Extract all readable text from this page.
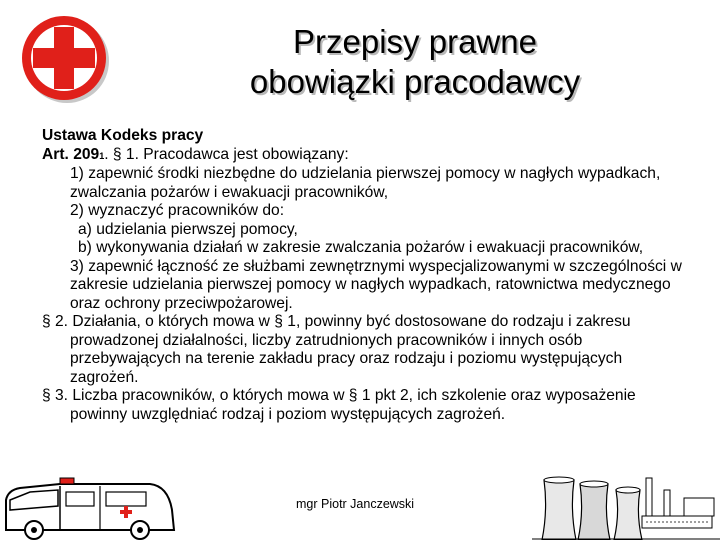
Przepisy prawne
obowiązki pracodawcy

Ustawa Kodeks pracy

Art. 2091. § 1. Pracodawca jest obowiązany:

1) zapewnić środki niezbędne do udzielania pierwszej pomocy w nagłych wypadkach, zwalczania pożarów i ewakuacji pracowników,

2) wyznaczyć pracowników do:

a) udzielania pierwszej pomocy,

b) wykonywania działań w zakresie zwalczania pożarów i ewakuacji pracowników,

3) zapewnić łączność ze służbami zewnętrznymi wyspecjalizowanymi w szczególności w zakresie udzielania pierwszej pomocy w nagłych wypadkach, ratownictwa medycznego oraz ochrony przeciwpożarowej.

§ 2. Działania, o których mowa w § 1, powinny być dostosowane do rodzaju i zakresu prowadzonej działalności, liczby zatrudnionych pracowników i innych osób przebywających na terenie zakładu pracy oraz rodzaju i poziomu występujących zagrożeń.

§ 3. Liczba pracowników, o których mowa w § 1 pkt 2, ich szkolenie oraz wyposażenie powinny uwzględniać rodzaj i poziom występujących zagrożeń.

mgr Piotr Janczewski
